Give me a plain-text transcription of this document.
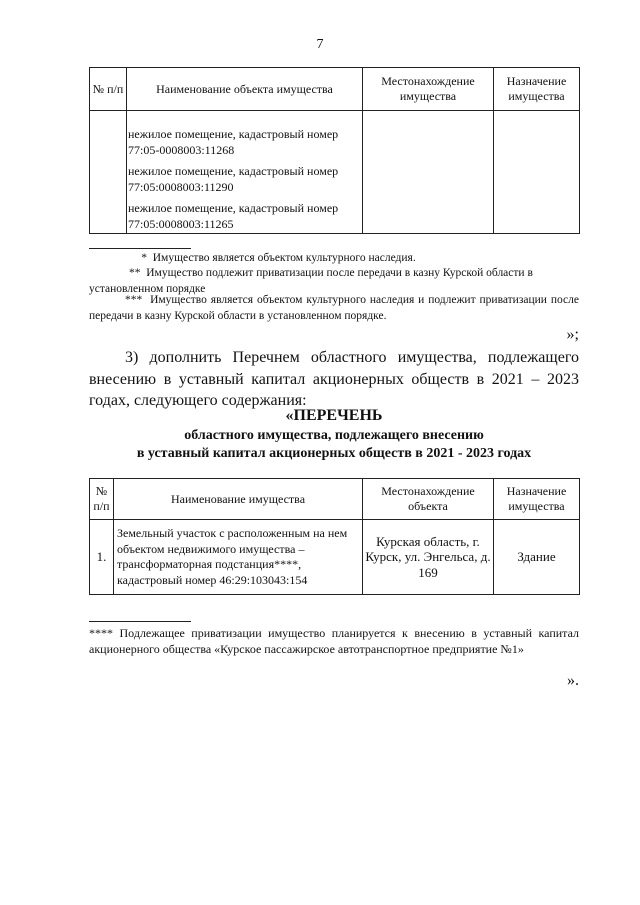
7
№ п/п	Наименование объекта имущества	Местонахождение имущества	Назначение имущества

	нежилое помещение, кадастровый номер 77:05-0008003:11268
нежилое помещение, кадастровый номер 77:05:0008003:11290
нежилое помещение, кадастровый номер 77:05:0008003:11265		

* Имущество является объектом культурного наследия.
** Имущество подлежит приватизации после передачи в казну Курской области в установленном порядке
*** Имущество является объектом культурного наследия и подлежит приватизации после передачи в казну Курской области в установленном порядке.
»;
3) дополнить Перечнем областного имущества, подлежащего внесению в уставный капитал акционерных обществ в 2021 – 2023 годах, следующего содержания:
«ПЕРЕЧЕНЬ
областного имущества, подлежащего внесению
в уставный капитал акционерных обществ в 2021 - 2023 годах
№ п/п	Наименование имущества	Местонахождение объекта	Назначение имущества
1.	Земельный участок с расположенным на нем объектом недвижимого имущества – трансформаторная подстанция****, кадастровый номер 46:29:103043:154	Курская область, г. Курск, ул. Энгельса, д. 169	Здание
**** Подлежащее приватизации имущество планируется к внесению в уставный капитал акционерного общества «Курское пассажирское автотранспортное предприятие №1»
».
